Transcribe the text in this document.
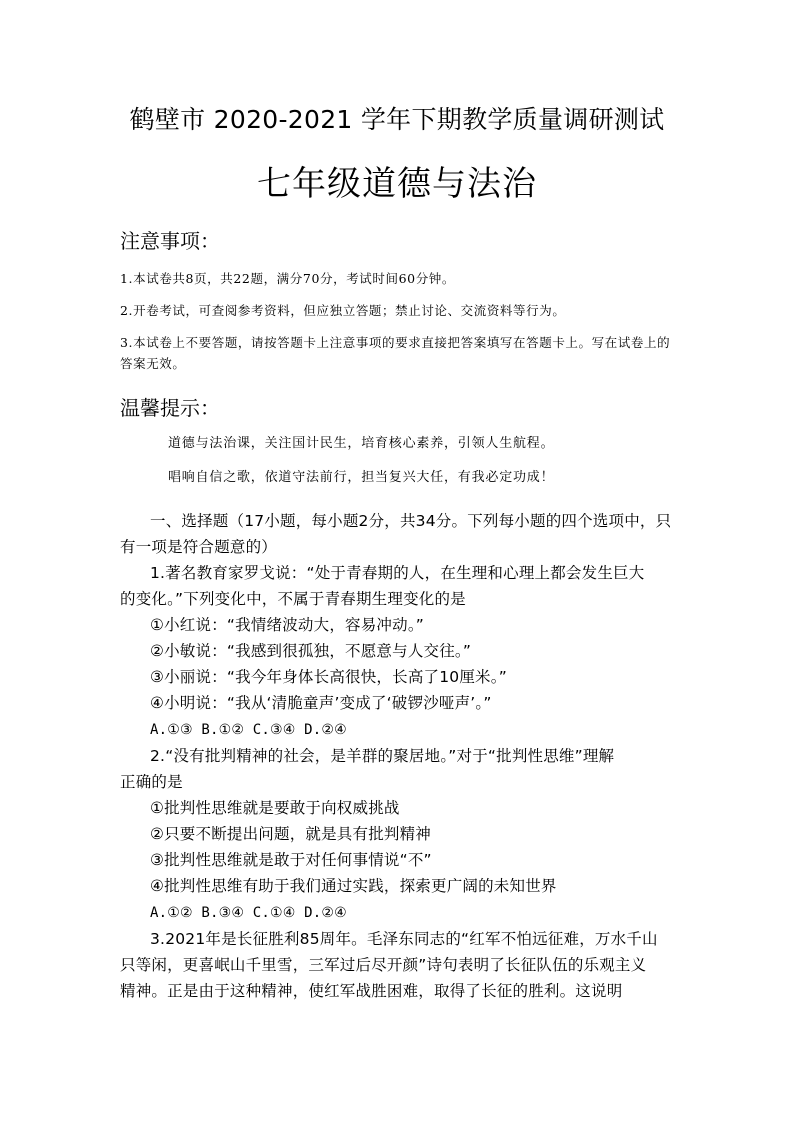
鹤壁市 2020-2021 学年下期教学质量调研测试
七年级道德与法治
注意事项：
1.本试卷共8页，共22题，满分70分，考试时间60分钟。
2.开卷考试，可查阅参考资料，但应独立答题；禁止讨论、交流资料等行为。
3.本试卷上不要答题，请按答题卡上注意事项的要求直接把答案填写在答题卡上。写在试卷上的答案无效。
温馨提示：
道德与法治课，关注国计民生，培育核心素养，引领人生航程。
唱响自信之歌，依道守法前行，担当复兴大任，有我必定功成！
一、选择题（17小题，每小题2分，共34分。下列每小题的四个选项中，只
有一项是符合题意的）
1.著名教育家罗戈说：“处于青春期的人，在生理和心理上都会发生巨大
的变化。”下列变化中，不属于青春期生理变化的是
①小红说：“我情绪波动大，容易冲动。”
②小敏说：“我感到很孤独，不愿意与人交往。”
③小丽说：“我今年身体长高很快，长高了10厘米。”
④小明说：“我从‘清脆童声’变成了‘破锣沙哑声’。”
A.①③ B.①② C.③④ D.②④
2.“没有批判精神的社会，是羊群的聚居地。”对于“批判性思维”理解
正确的是
①批判性思维就是要敢于向权威挑战
②只要不断提出问题，就是具有批判精神
③批判性思维就是敢于对任何事情说“不”
④批判性思维有助于我们通过实践，探索更广阔的未知世界
A.①② B.③④ C.①④ D.②④
3.2021年是长征胜利85周年。毛泽东同志的“红军不怕远征难，万水千山
只等闲，更喜岷山千里雪，三军过后尽开颜”诗句表明了长征队伍的乐观主义
精神。正是由于这种精神，使红军战胜困难，取得了长征的胜利。这说明
